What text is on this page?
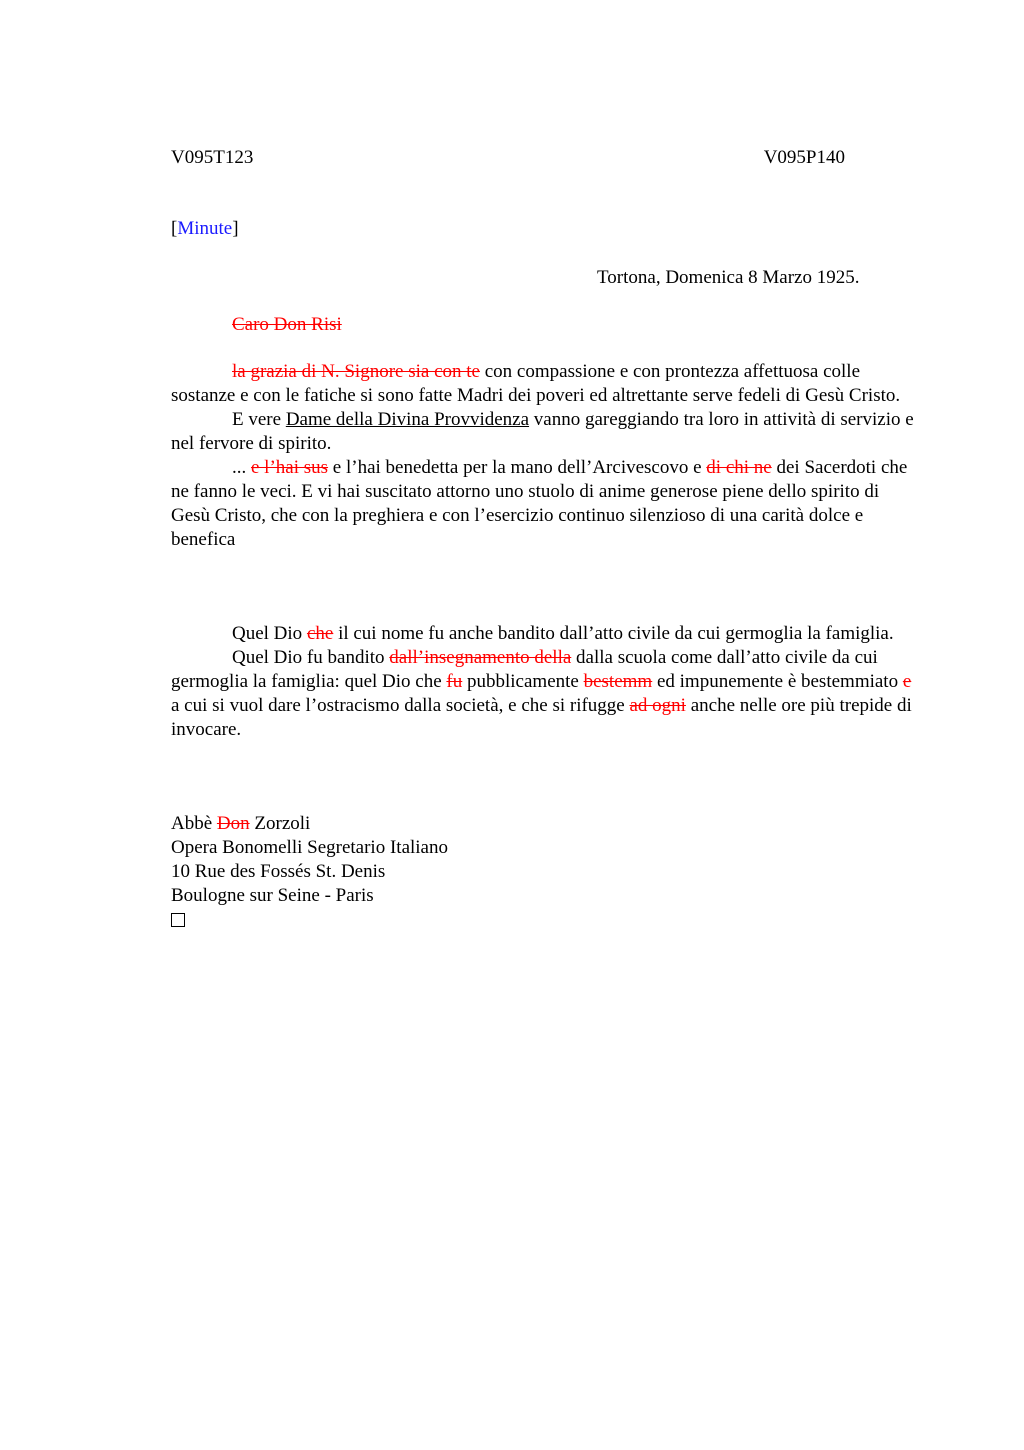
V095T123	V095P140
[Minute]
Tortona, Domenica 8 Marzo 1925.
Caro Don Risi

la grazia di N. Signore sia con te con compassione e con prontezza affettuosa colle sostanze e con le fatiche si sono fatte Madri dei poveri ed altrettante serve fedeli di Gesù Cristo.

E vere Dame della Divina Provvidenza vanno gareggiando tra loro in attività di servizio e nel fervore di spirito.

... e l’hai sus e l’hai benedetta per la mano dell’Arcivescovo e di chi ne dei Sacerdoti che ne fanno le veci. E vi hai suscitato attorno uno stuolo di anime generose piene dello spirito di Gesù Cristo, che con la preghiera e con l’esercizio continuo silenzioso di una carità dolce e benefica

Quel Dio che il cui nome fu anche bandito dall’atto civile da cui germoglia la famiglia.

Quel Dio fu bandito dall’insegnamento della dalla scuola come dall’atto civile da cui germoglia la famiglia: quel Dio che fu pubblicamente bestemm ed impunemente è bestemmiato e a cui si vuol dare l’ostracismo dalla società, e che si rifugge ad ogni anche nelle ore più trepide di invocare.

Abbè Don Zorzoli
Opera Bonomelli Segretario Italiano
10 Rue des Fossés St. Denis
Boulogne sur Seine - Paris
